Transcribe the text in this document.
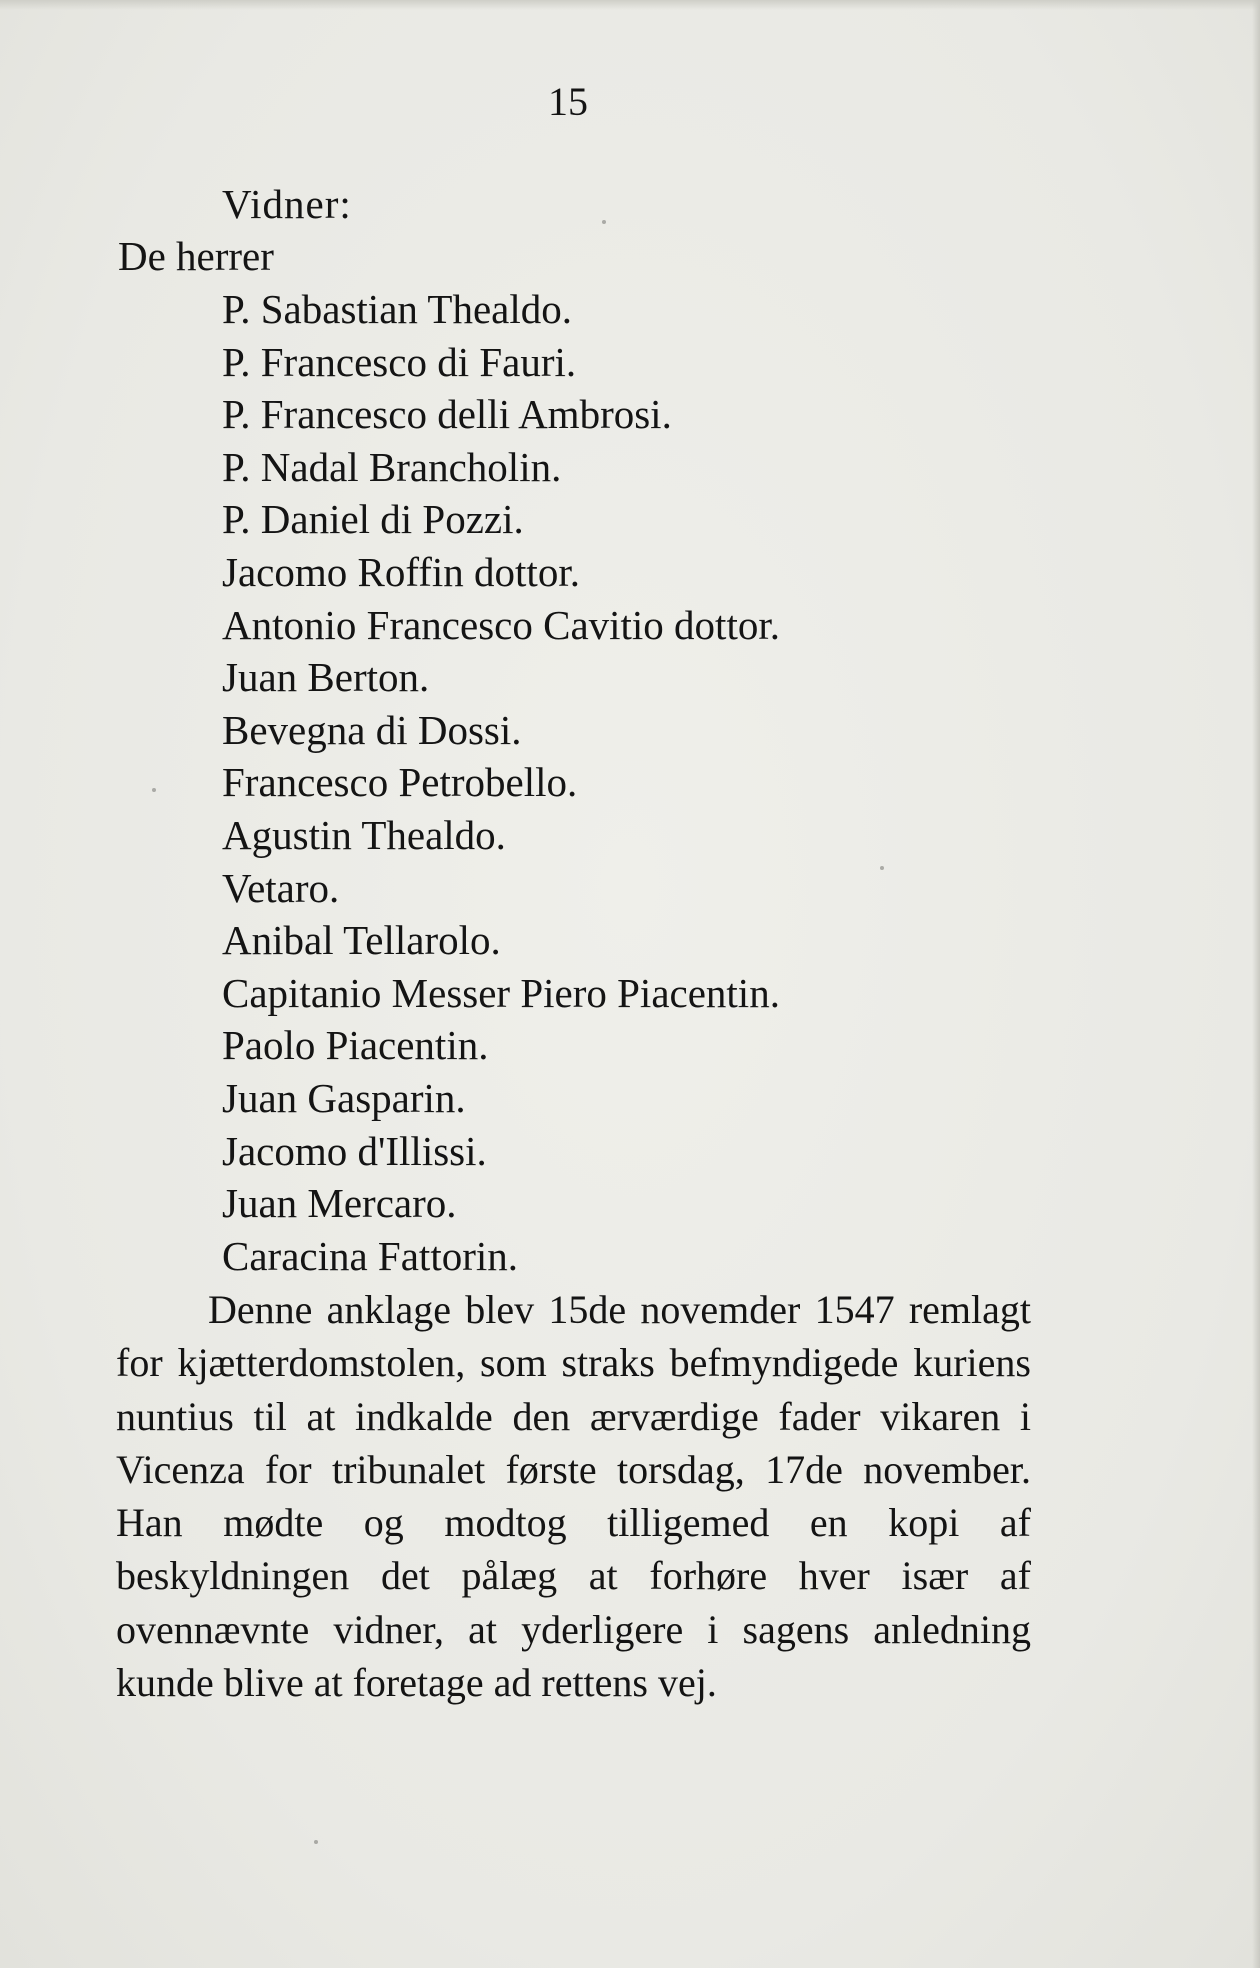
15
Vidner:
De herrer
P. Sabastian Thealdo.
P. Francesco di Fauri.
P. Francesco delli Ambrosi.
P. Nadal Brancholin.
P. Daniel di Pozzi.
Jacomo Roffin dottor.
Antonio Francesco Cavitio dottor.
Juan Berton.
Bevegna di Dossi.
Francesco Petrobello.
Agustin Thealdo.
Vetaro.
Anibal Tellarolo.
Capitanio Messer Piero Piacentin.
Paolo Piacentin.
Juan Gasparin.
Jacomo d'Illissi.
Juan Mercaro.
Caracina Fattorin.

Denne anklage blev 15de novemder 1547 remlagt for kjætterdomstolen, som straks befmyndigede kuriens nuntius til at indkalde den ærværdige fader vikaren i Vicenza for tribunalet første torsdag, 17de november. Han mødte og modtog tilligemed en kopi af beskyldningen det pålæg at forhøre hver især af ovennævnte vidner, at yderligere i sagens anledning kunde blive at foretage ad rettens vej.
